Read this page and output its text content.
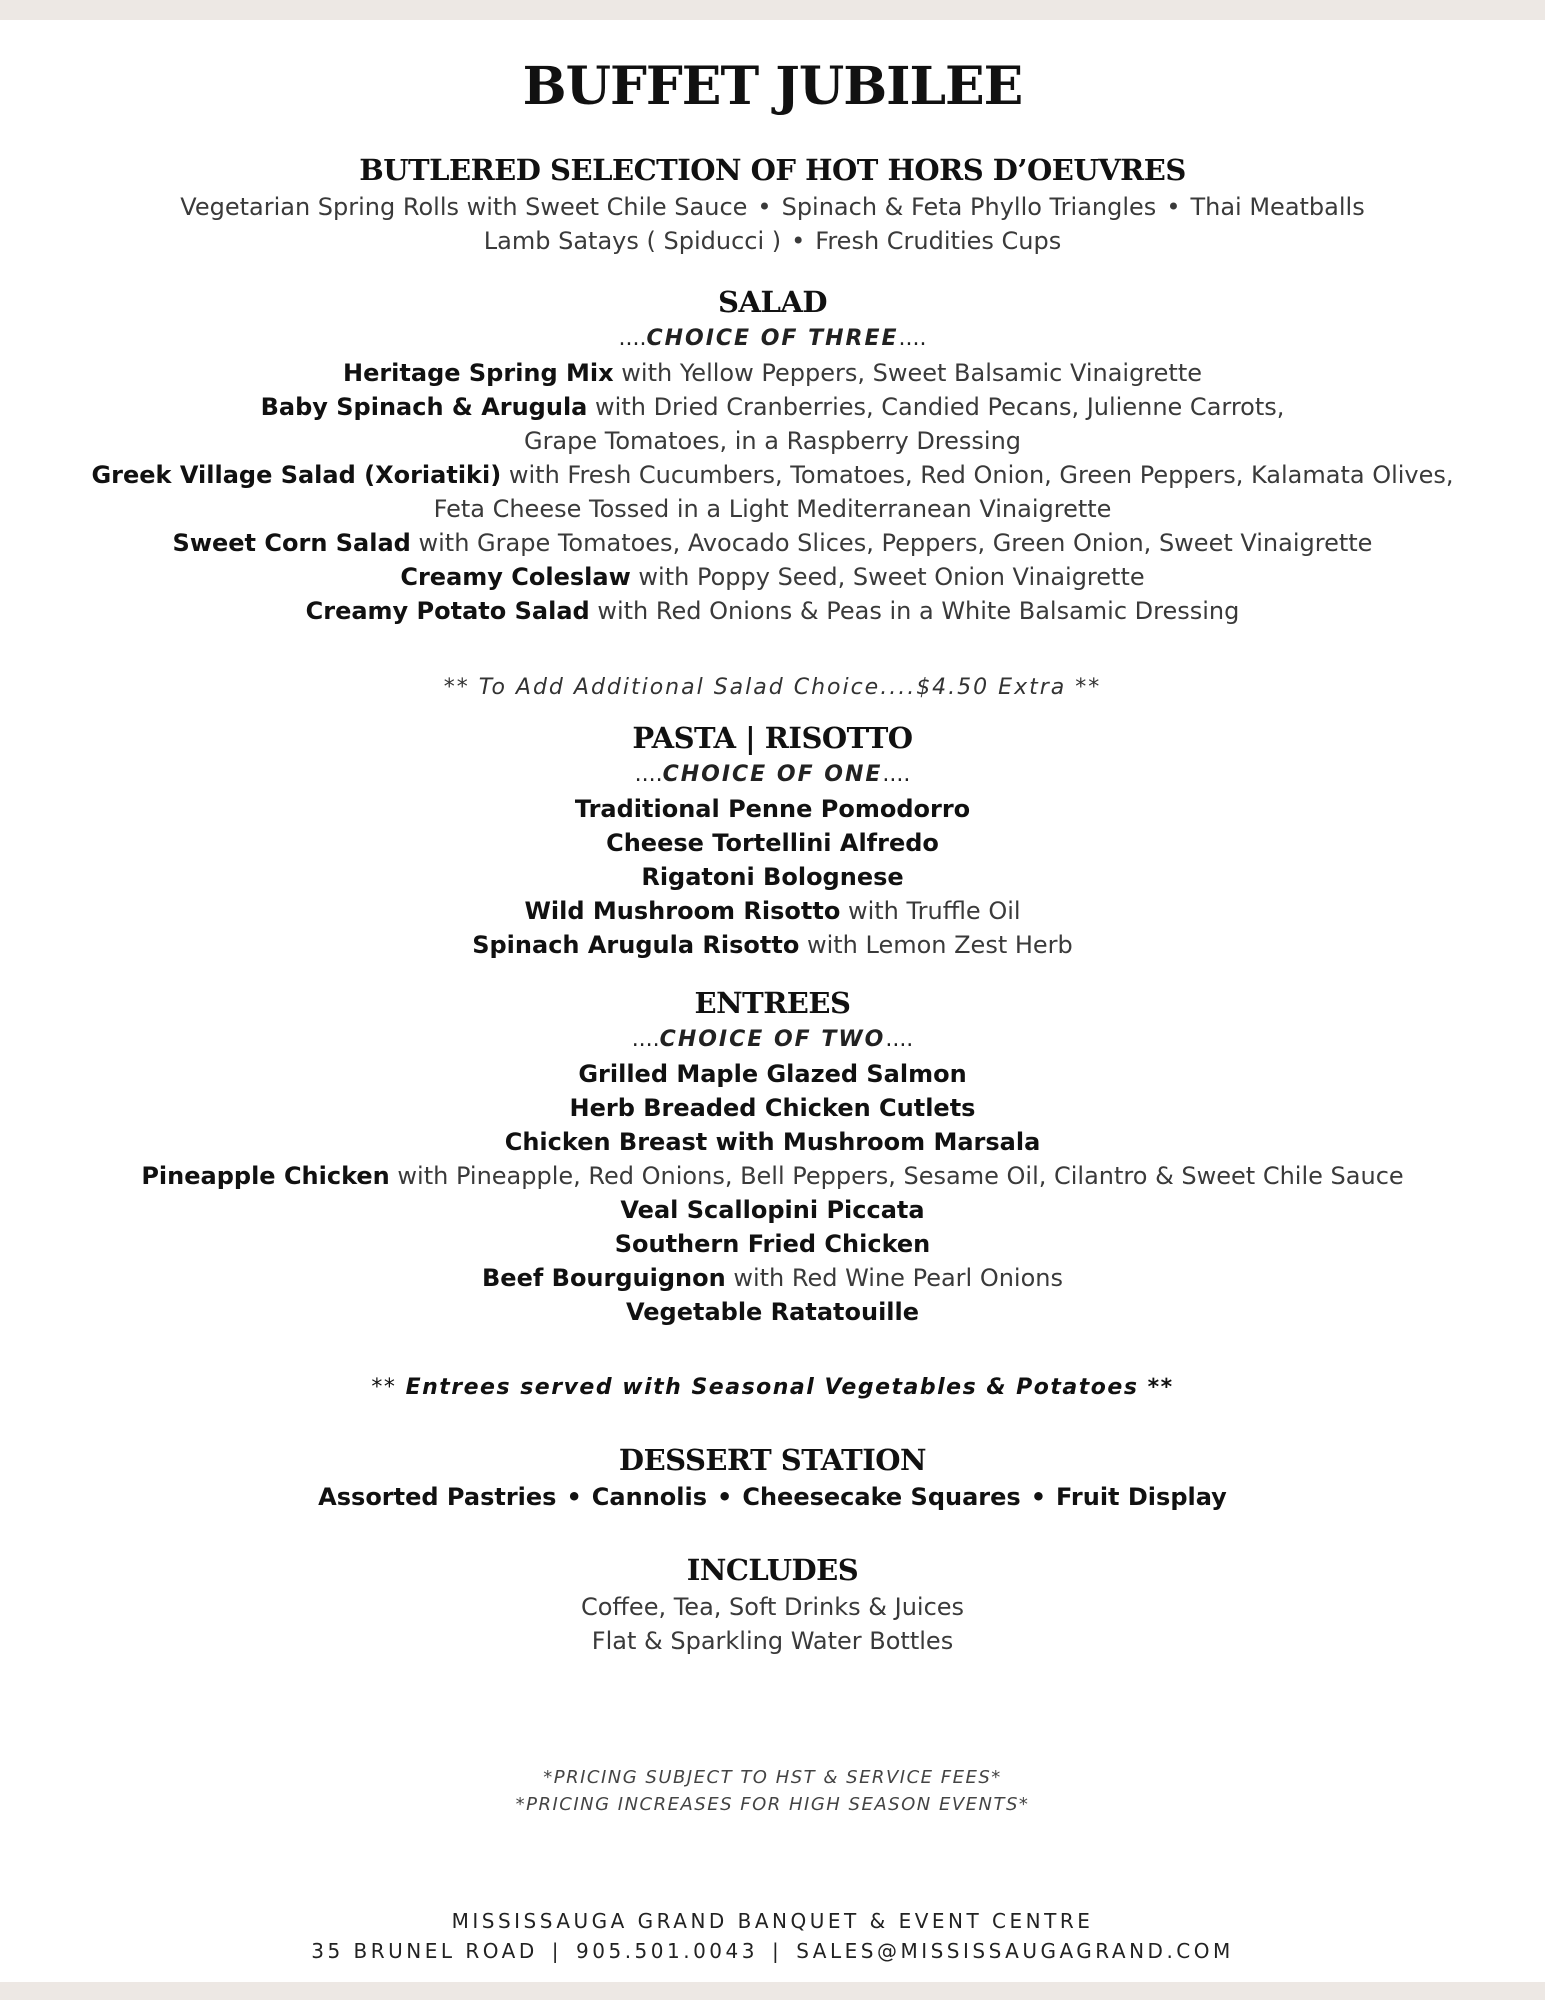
BUFFET JUBILEE
BUTLERED SELECTION OF HOT HORS D’OEUVRES
Vegetarian Spring Rolls with Sweet Chile Sauce • Spinach & Feta Phyllo Triangles • Thai Meatballs
Lamb Satays ( Spiducci ) • Fresh Crudities Cups
SALAD
....CHOICE OF THREE....
Heritage Spring Mix with Yellow Peppers, Sweet Balsamic Vinaigrette
Baby Spinach & Arugula with Dried Cranberries, Candied Pecans, Julienne Carrots,
Grape Tomatoes, in a Raspberry Dressing
Greek Village Salad (Xoriatiki) with Fresh Cucumbers, Tomatoes, Red Onion, Green Peppers, Kalamata Olives,
Feta Cheese Tossed in a Light Mediterranean Vinaigrette
Sweet Corn Salad with Grape Tomatoes, Avocado Slices, Peppers, Green Onion, Sweet Vinaigrette
Creamy Coleslaw with Poppy Seed, Sweet Onion Vinaigrette
Creamy Potato Salad with Red Onions & Peas in a White Balsamic Dressing
** To Add Additional Salad Choice....$4.50 Extra **
PASTA | RISOTTO
....CHOICE OF ONE....
Traditional Penne Pomodorro
Cheese Tortellini Alfredo
Rigatoni Bolognese
Wild Mushroom Risotto with Truffle Oil
Spinach Arugula Risotto with Lemon Zest Herb
ENTREES
....CHOICE OF TWO....
Grilled Maple Glazed Salmon
Herb Breaded Chicken Cutlets
Chicken Breast with Mushroom Marsala
Pineapple Chicken with Pineapple, Red Onions, Bell Peppers, Sesame Oil, Cilantro & Sweet Chile Sauce
Veal Scallopini Piccata
Southern Fried Chicken
Beef Bourguignon with Red Wine Pearl Onions
Vegetable Ratatouille
** Entrees served with Seasonal Vegetables & Potatoes **
DESSERT STATION
Assorted Pastries • Cannolis • Cheesecake Squares • Fruit Display
INCLUDES
Coffee, Tea, Soft Drinks & Juices
Flat & Sparkling Water Bottles
*PRICING SUBJECT TO HST & SERVICE FEES*
*PRICING INCREASES FOR HIGH SEASON EVENTS*
MISSISSAUGA GRAND BANQUET & EVENT CENTRE
35 BRUNEL ROAD | 905.501.0043 | SALES@MISSISSAUGAGRAND.COM
